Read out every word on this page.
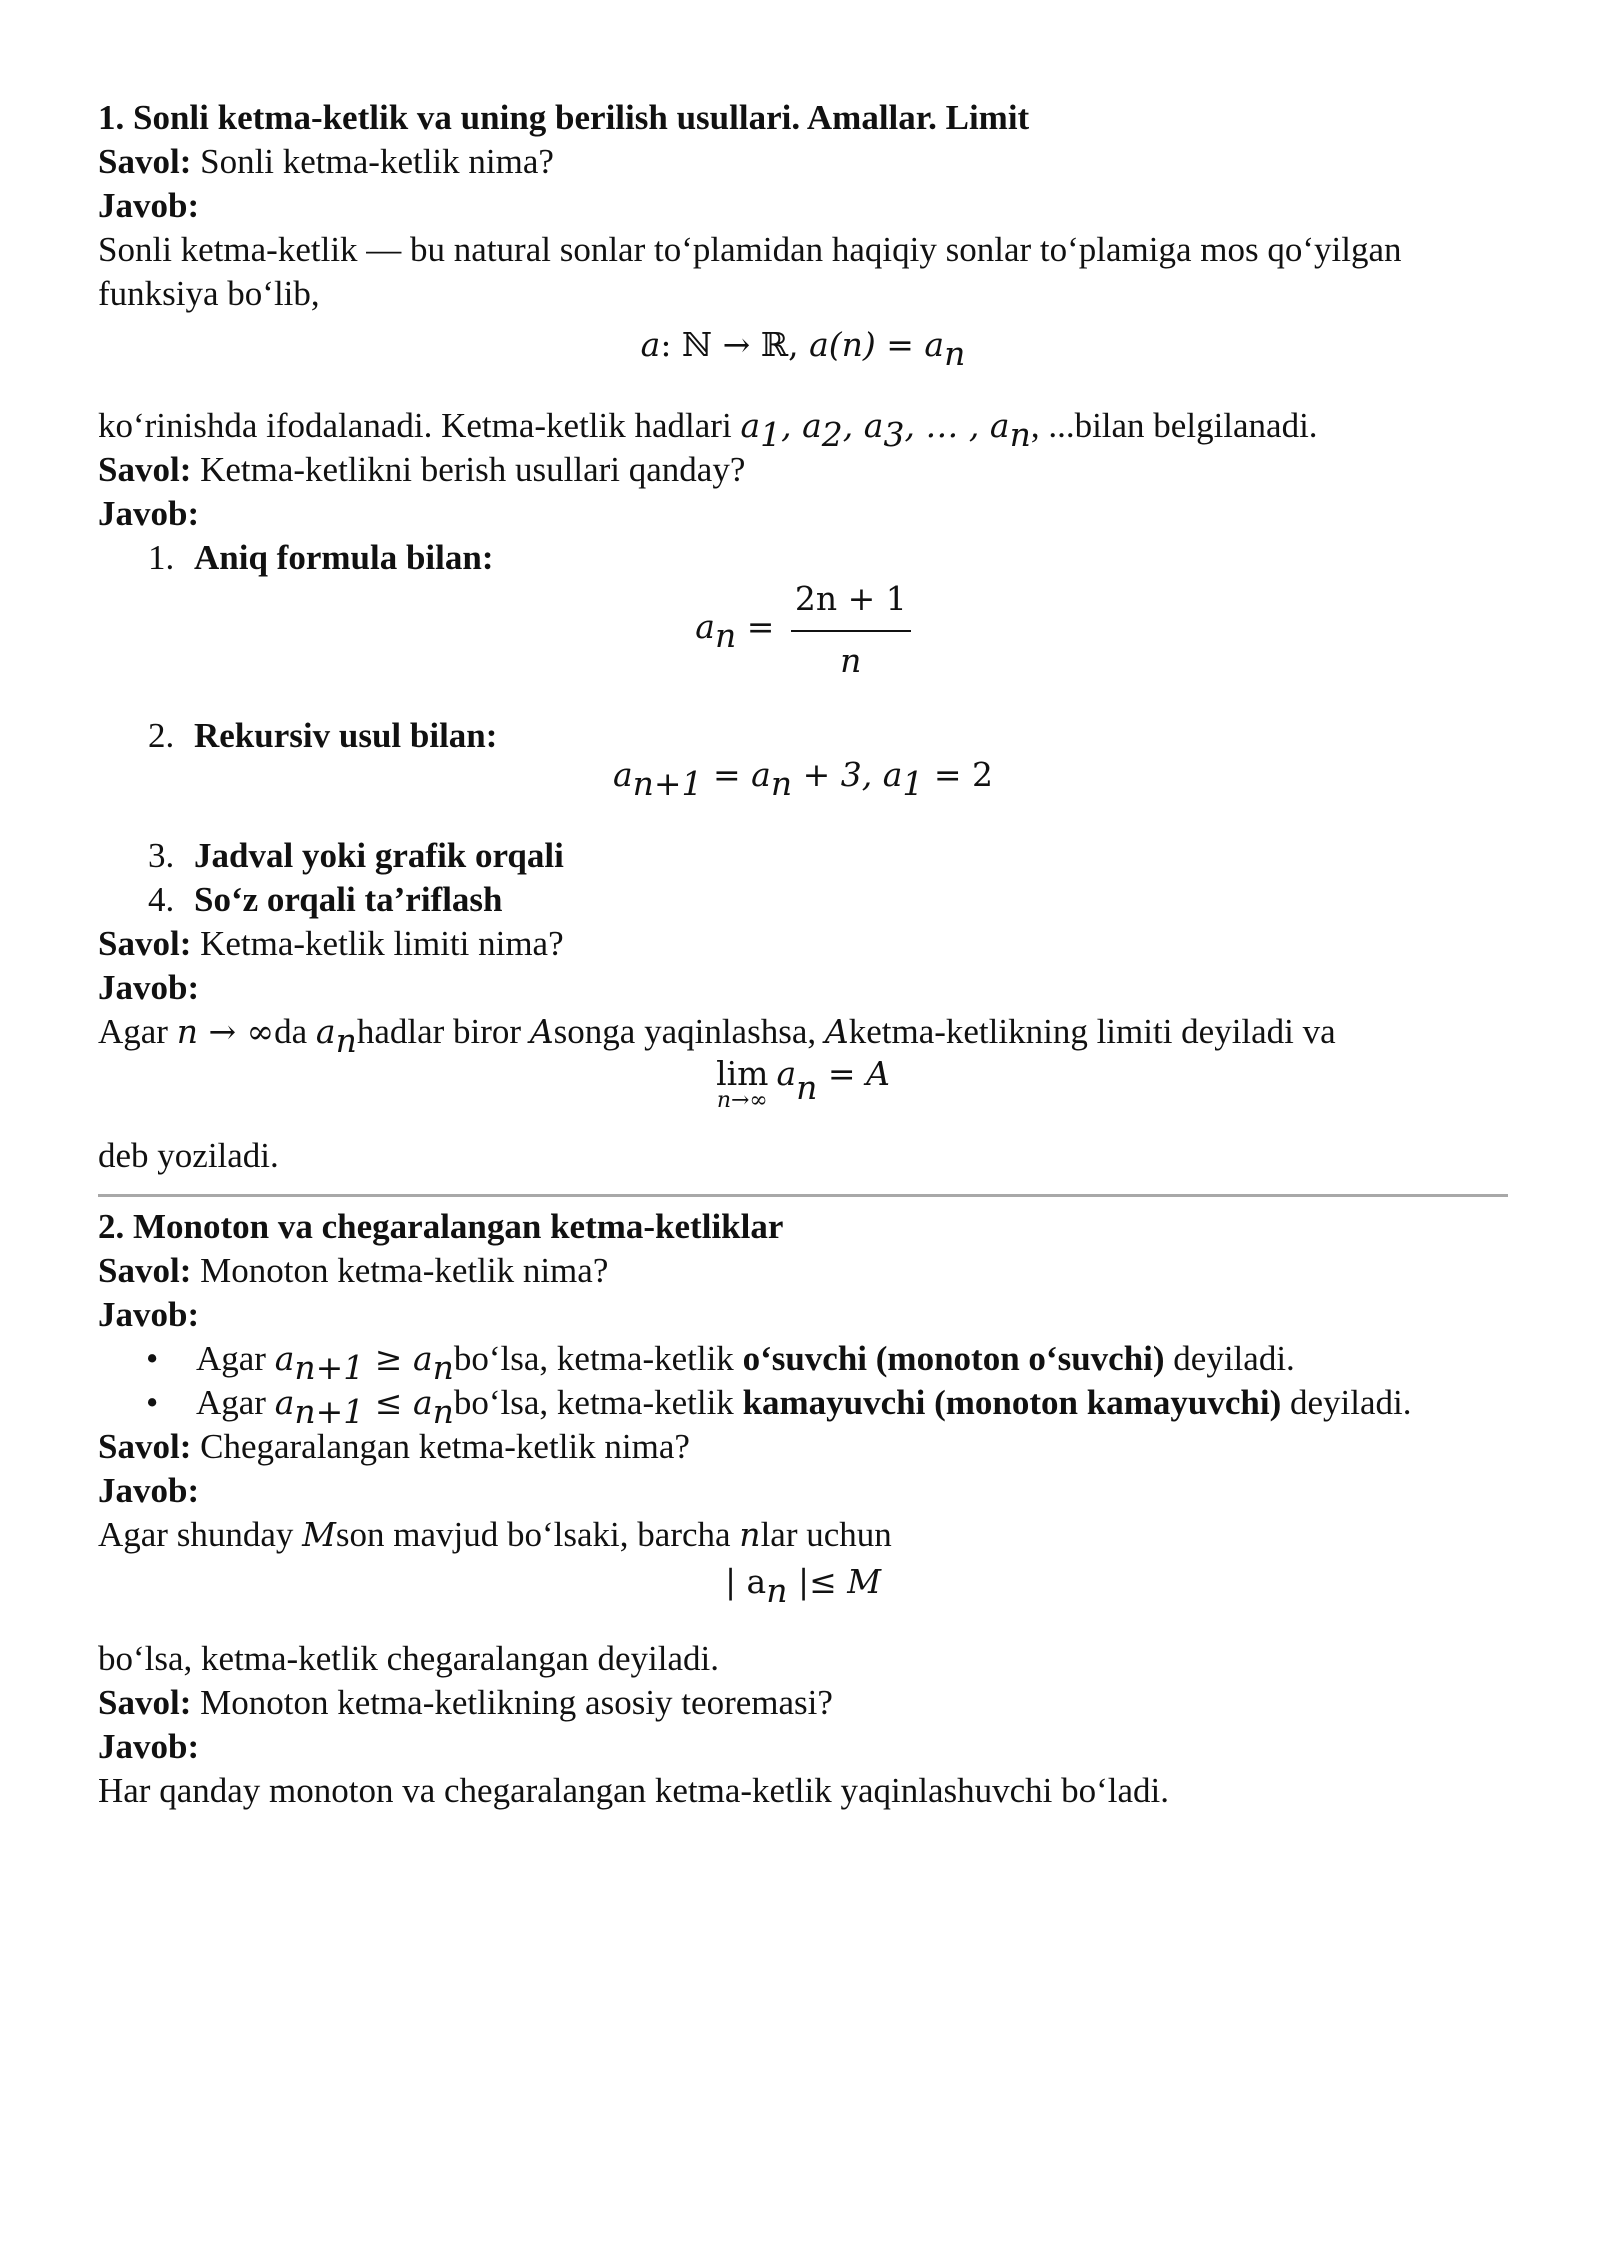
1. Sonli ketma-ketlik va uning berilish usullari. Amallar. Limit
Savol: Sonli ketma-ketlik nima?
Javob:
Sonli ketma-ketlik — bu natural sonlar to‘plamidan haqiqiy sonlar to‘plamiga mos qo‘yilgan
funksiya bo‘lib,
a: ℕ → ℝ, $a(n) = a_n$
ko‘rinishda ifodalanadi. Ketma-ketlik hadlari $a_1$, $a_2$, $a_3$, … , $a_n$, ...bilan belgilanadi.
Savol: Ketma-ketlikni berish usullari qanday?
Javob:
1. Aniq formula bilan:
$a_n = \frac{2n + 1}{n}$
2. Rekursiv usul bilan:
$a_{n+1} = a_n + 3$, $a_1 = 2$
3. Jadval yoki grafik orqali
4. So‘z orqali ta’riflash
Savol: Ketma-ketlik limiti nima?
Javob:
Agar n → ∞da $a_nhadlar$ biror Asonga yaqinlashsa, Aketma-ketlikning limiti deyiladi va
lim
n→∞
$a_n = A$
deb yoziladi.
2. Monoton va chegaralangan ketma-ketliklar
Savol: Monoton ketma-ketlik nima?
Javob:
• Agar $a_{n+1}$ ≥ $a_nbo‘lsa$, ketma-ketlik o‘suvchi (monoton o‘suvchi) deyiladi.
• Agar $a_{n+1}$ ≤ $a_nbo‘lsa$, ketma-ketlik kamayuvchi (monoton kamayuvchi) deyiladi.
Savol: Chegaralangan ketma-ketlik nima?
Javob:
Agar shunday Mson mavjud bo‘lsaki, barcha nlar uchun
| $a_n$ |≤ M
bo‘lsa, ketma-ketlik chegaralangan deyiladi.
Savol: Monoton ketma-ketlikning asosiy teoremasi?
Javob:
Har qanday monoton va chegaralangan ketma-ketlik yaqinlashuvchi bo‘ladi.
